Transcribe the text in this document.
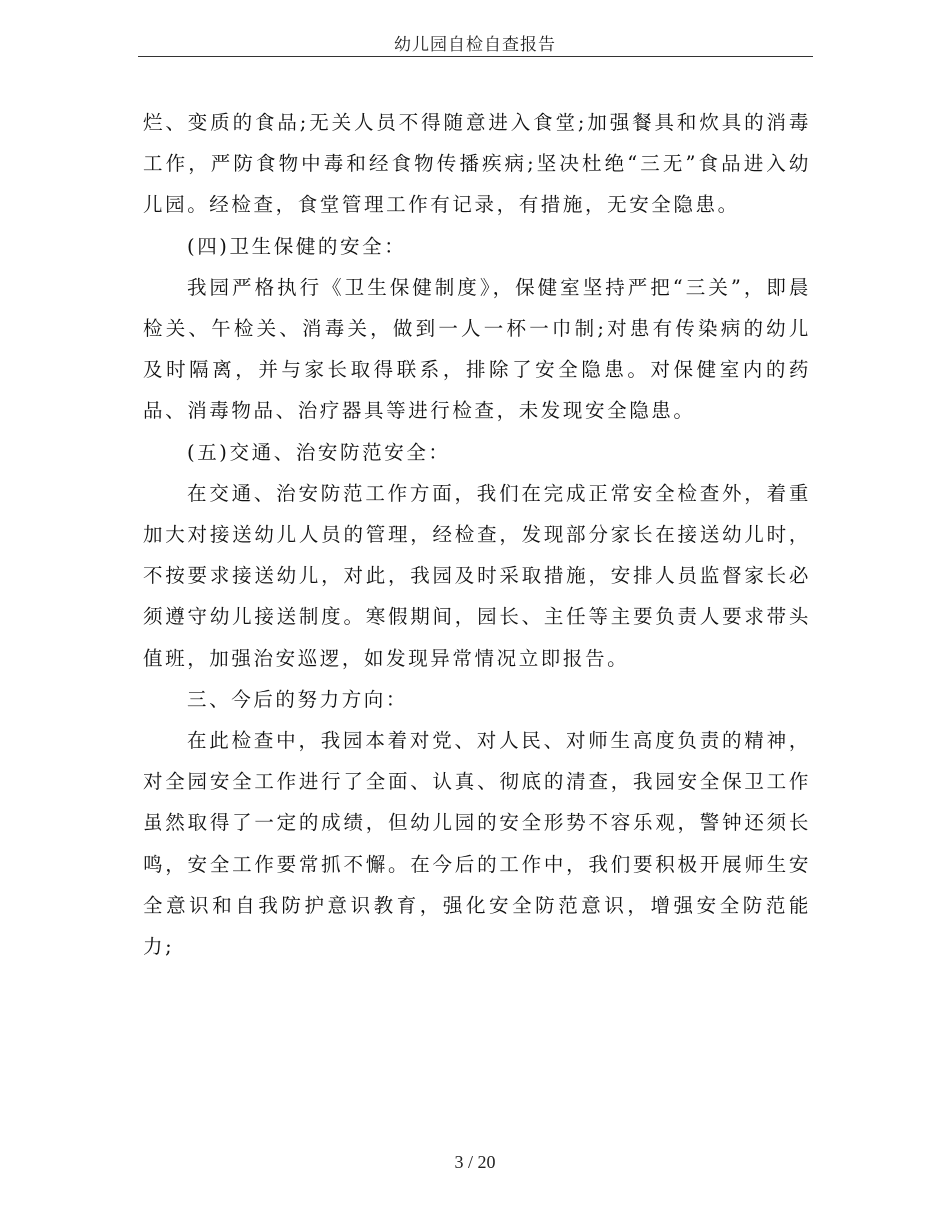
幼儿园自检自查报告

烂、变质的食品;无关人员不得随意进入食堂;加强餐具和炊具的消毒工作，严防食物中毒和经食物传播疾病;坚决杜绝“三无”食品进入幼儿园。经检查，食堂管理工作有记录，有措施，无安全隐患。

(四)卫生保健的安全：

我园严格执行《卫生保健制度》，保健室坚持严把“三关”，即晨检关、午检关、消毒关，做到一人一杯一巾制;对患有传染病的幼儿及时隔离，并与家长取得联系，排除了安全隐患。对保健室内的药品、消毒物品、治疗器具等进行检查，未发现安全隐患。

(五)交通、治安防范安全：

在交通、治安防范工作方面，我们在完成正常安全检查外，着重加大对接送幼儿人员的管理，经检查，发现部分家长在接送幼儿时，不按要求接送幼儿，对此，我园及时采取措施，安排人员监督家长必须遵守幼儿接送制度。寒假期间，园长、主任等主要负责人要求带头值班，加强治安巡逻，如发现异常情况立即报告。

三、今后的努力方向：

在此检查中，我园本着对党、对人民、对师生高度负责的精神，对全园安全工作进行了全面、认真、彻底的清查，我园安全保卫工作虽然取得了一定的成绩，但幼儿园的安全形势不容乐观，警钟还须长鸣，安全工作要常抓不懈。在今后的工作中，我们要积极开展师生安全意识和自我防护意识教育，强化安全防范意识，增强安全防范能力;

3 / 20
